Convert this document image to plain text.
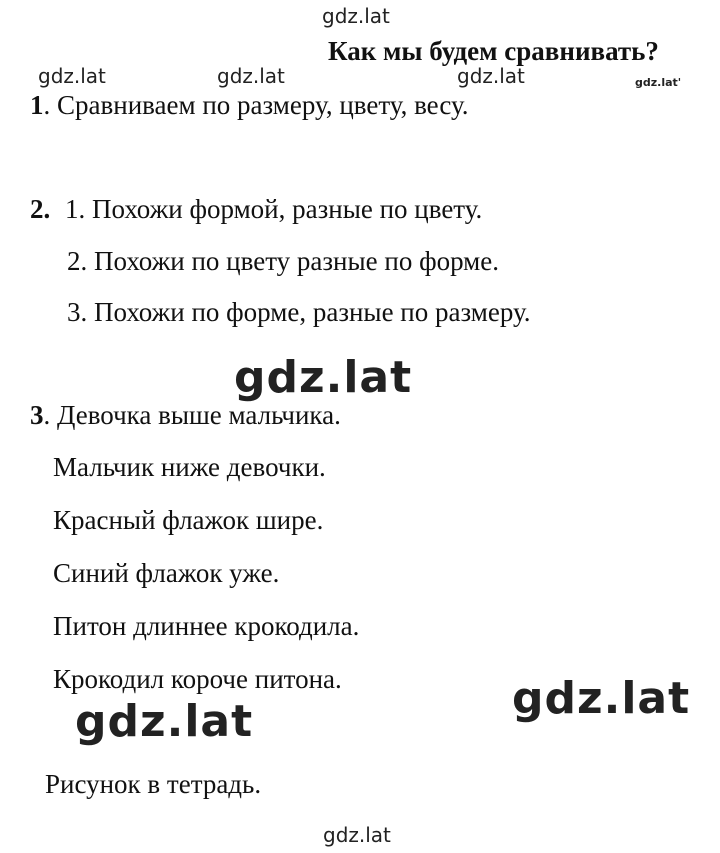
gdz.lat
Как мы будем сравнивать?
gdz.lat	gdz.lat	gdz.lat	gdz.lat'
1. Сравниваем по размеру, цвету, весу.
2. 1. Похожи формой, разные по цвету.
2. Похожи по цвету разные по форме.
3. Похожи по форме, разные по размеру.
gdz.lat
3. Девочка выше мальчика.
Мальчик ниже девочки.
Красный флажок шире.
Синий флажок уже.
Питон длиннее крокодила.
Крокодил короче питона.	gdz.lat
gdz.lat
Рисунок в тетрадь.
gdz.lat
